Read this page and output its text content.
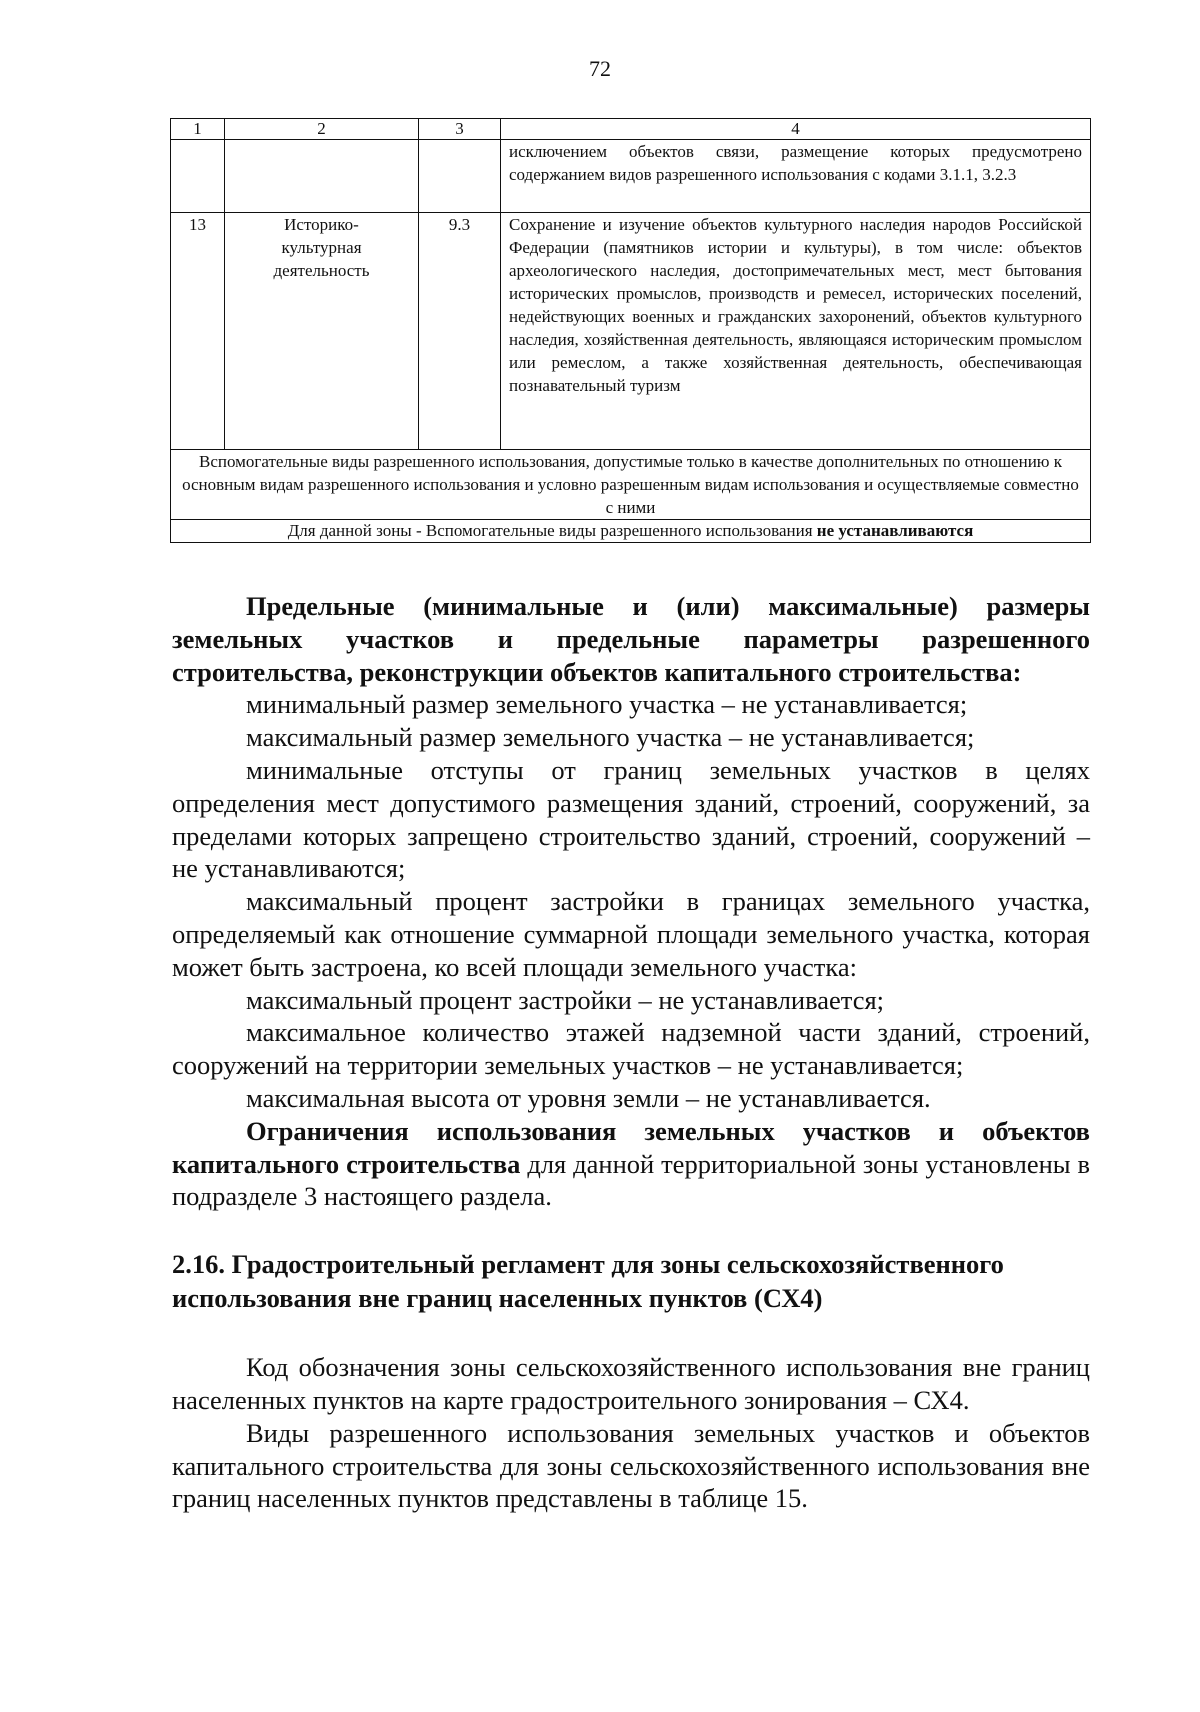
72
1	2	3	4
			исключением объектов связи, размещение которых предусмотрено содержанием видов разрешенного использования с кодами 3.1.1, 3.2.3
13	Историко-культурная деятельность	9.3	Сохранение и изучение объектов культурного наследия народов Российской Федерации (памятников истории и культуры), в том числе: объектов археологического наследия, достопримечательных мест, мест бытования исторических промыслов, производств и ремесел, исторических поселений, недействующих военных и гражданских захоронений, объектов культурного наследия, хозяйственная деятельность, являющаяся историческим промыслом или ремеслом, а также хозяйственная деятельность, обеспечивающая познавательный туризм
Вспомогательные виды разрешенного использования, допустимые только в качестве дополнительных по отношению к основным видам разрешенного использования и условно разрешенным видам использования и осуществляемые совместно с ними			
Для данной зоны - Вспомогательные виды разрешенного использования не устанавливаются			

Предельные (минимальные и (или) максимальные) размеры земельных участков и предельные параметры разрешенного строительства, реконструкции объектов капитального строительства:

минимальный размер земельного участка – не устанавливается;

максимальный размер земельного участка – не устанавливается;

минимальные отступы от границ земельных участков в целях определения мест допустимого размещения зданий, строений, сооружений, за пределами которых запрещено строительство зданий, строений, сооружений – не устанавливаются;

максимальный процент застройки в границах земельного участка, определяемый как отношение суммарной площади земельного участка, которая может быть застроена, ко всей площади земельного участка:

максимальный процент застройки – не устанавливается;

максимальное количество этажей надземной части зданий, строений, сооружений на территории земельных участков – не устанавливается;

максимальная высота от уровня земли – не устанавливается.

Ограничения использования земельных участков и объектов капитального строительства для данной территориальной зоны установлены в подразделе 3 настоящего раздела.

2.16. Градостроительный регламент для зоны сельскохозяйственного
использования вне границ населенных пунктов (СХ4)

Код обозначения зоны сельскохозяйственного использования вне границ населенных пунктов на карте градостроительного зонирования – СХ4.

Виды разрешенного использования земельных участков и объектов капитального строительства для зоны сельскохозяйственного использования вне границ населенных пунктов представлены в таблице 15.
